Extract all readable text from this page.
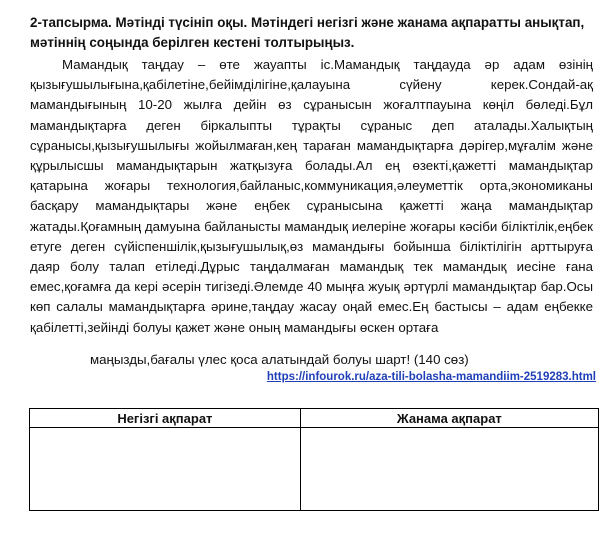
2-тапсырма. Мәтінді түсініп оқы. Мәтіндегі негізгі және жанама ақпаратты анықтап, мәтіннің соңында берілген кестені толтырыңыз.
Мамандық таңдау – өте жауапты іс.Мамандық таңдауда әр адам өзінің қызығушылығына,қабілетіне,бейімділігіне,қалауына сүйену керек.Сондай-ақ мамандығының 10-20 жылға дейін өз сұранысын жоғалтпауына көңіл бөледі.Бұл мамандықтарға деген біркалыпты тұрақты сұраныс деп аталады.Халықтың сұранысы,қызығушылығы жойылмаған,кең тараған мамандықтарға дәрігер,мұғалім және құрылысшы мамандықтарын жатқызуға болады.Ал ең өзекті,қажетті мамандықтар қатарына жоғары технология,байланыс,коммуникация,әлеуметтік орта,экономиканы басқару мамандықтары және еңбек сұранысына қажетті жаңа мамандықтар жатады.Қоғамның дамуына байланысты мамандық иелеріне жоғары кәсіби біліктілік,еңбек етуге деген сүйіспеншілік,қызығушылық,өз мамандығы бойынша біліктілігін арттыруға даяр болу талап етіледі.Дұрыс таңдалмаған мамандық тек мамандық иесіне ғана емес,қоғамға да кері әсерін тигізеді.Әлемде 40 мыңға жуық әртүрлі мамандықтар бар.Осы көп салалы мамандықтарға әрине,таңдау жасау оңай емес.Ең бастысы – адам еңбекке қабілетті,зейінді болуы қажет және оның мамандығы өскен ортаға
маңызды,бағалы үлес қоса алатындай болуы шарт! (140 сөз)
https://infourok.ru/aza-tili-bolasha-mamandiim-2519283.html
Негізгі ақпарат	Жанама ақпарат
